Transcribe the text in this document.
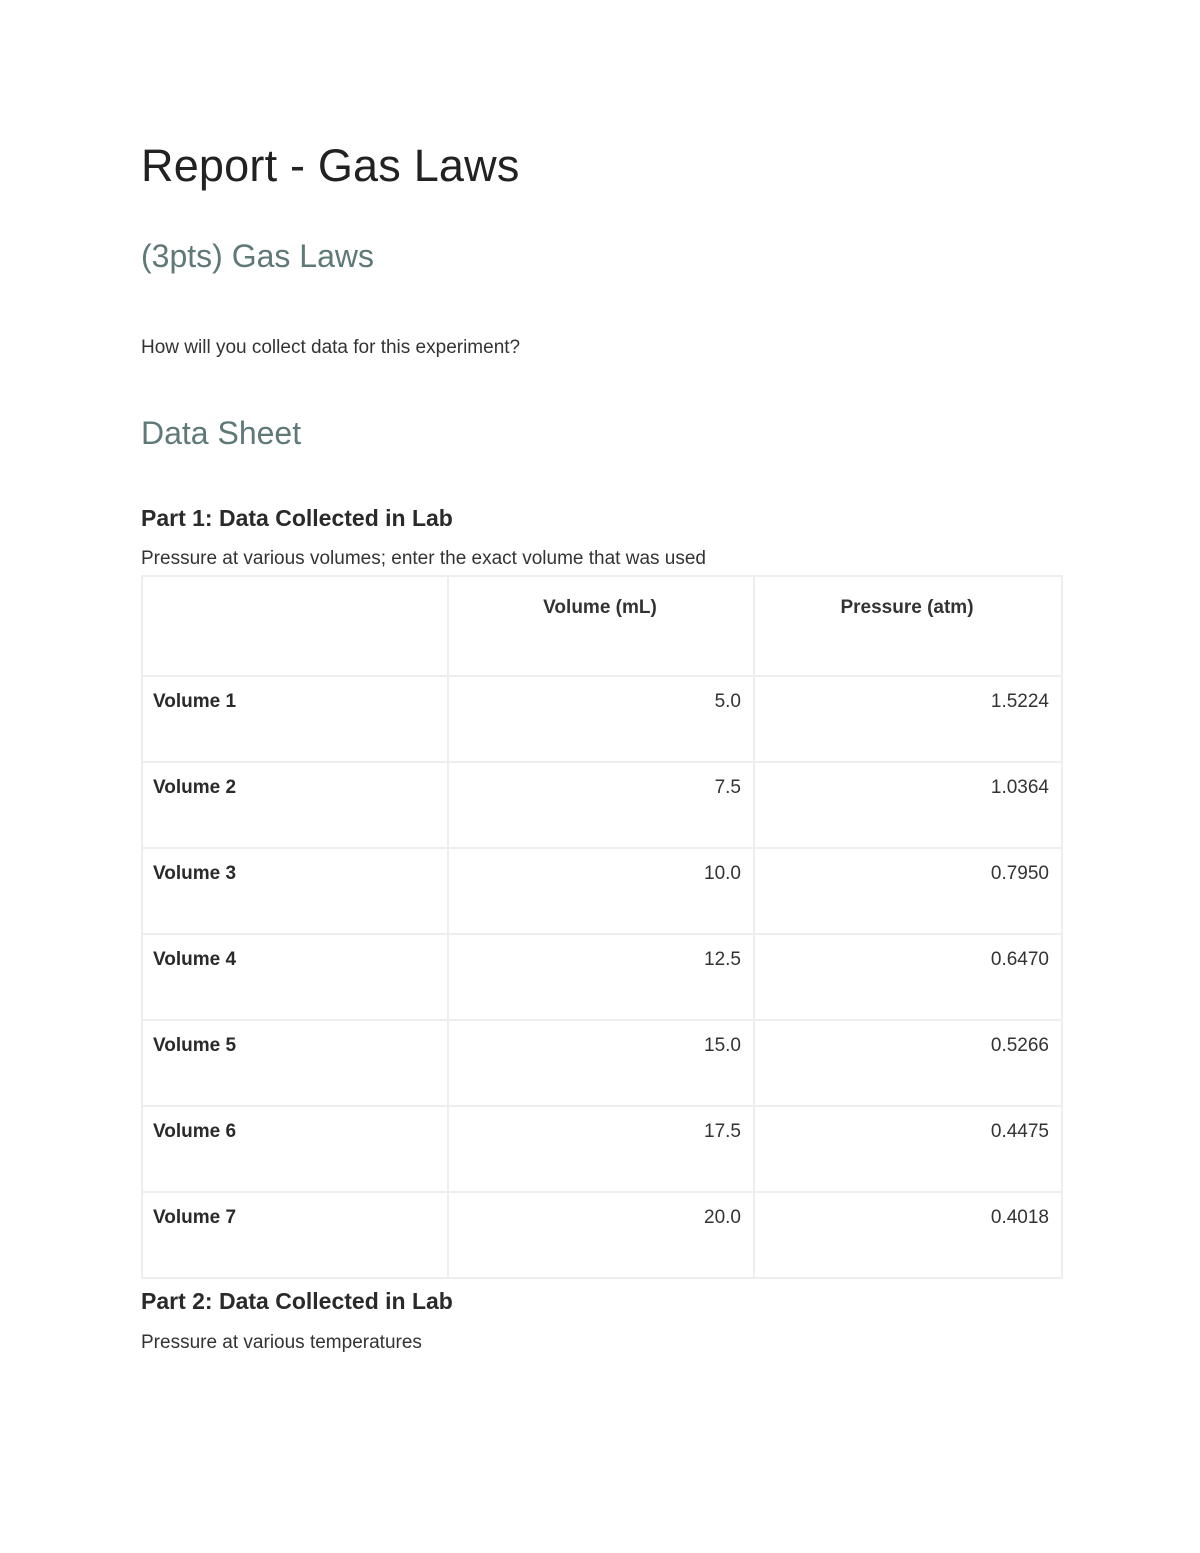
Report - Gas Laws
(3pts) Gas Laws

How will you collect data for this experiment?

Data Sheet
Part 1: Data Collected in Lab

Pressure at various volumes; enter the exact volume that was used

	Volume (mL)	Pressure (atm)
Volume 1	5.0	1.5224
Volume 2	7.5	1.0364
Volume 3	10.0	0.7950
Volume 4	12.5	0.6470
Volume 5	15.0	0.5266
Volume 6	17.5	0.4475
Volume 7	20.0	0.4018
Part 2: Data Collected in Lab

Pressure at various temperatures
